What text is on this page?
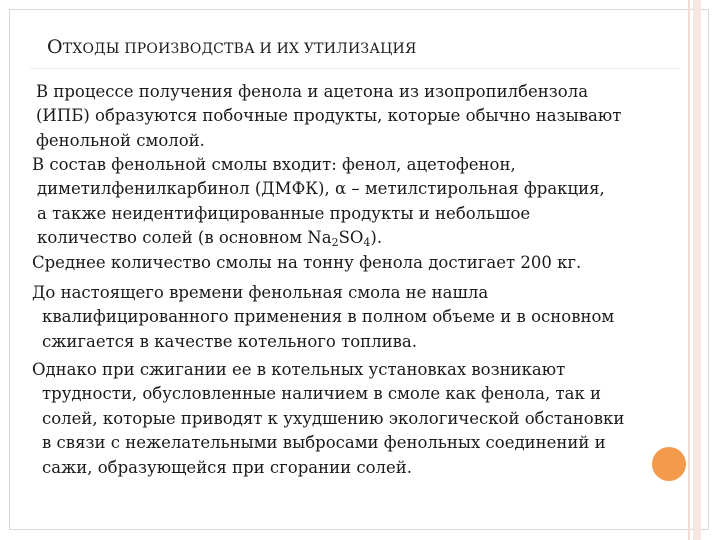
ОТХОДЫ ПРОИЗВОДСТВА И ИХ УТИЛИЗАЦИЯ
В процессе получения фенола и ацетона из изопропилбензола
(ИПБ) образуются побочные продукты, которые обычно называют
фенольной смолой.
В состав фенольной смолы входит: фенол, ацетофенон,
диметилфенилкарбинол (ДМФК), α – метилстирольная фракция,
а также неидентифицированные продукты и небольшое
количество солей (в основном $Na_2SO_4$).
Среднее количество смолы на тонну фенола достигает 200 кг.
До настоящего времени фенольная смола не нашла
квалифицированного применения в полном объеме и в основном
сжигается в качестве котельного топлива.
Однако при сжигании ее в котельных установках возникают
трудности, обусловленные наличием в смоле как фенола, так и
солей, которые приводят к ухудшению экологической обстановки
в связи с нежелательными выбросами фенольных соединений и
сажи, образующейся при сгорании солей.
